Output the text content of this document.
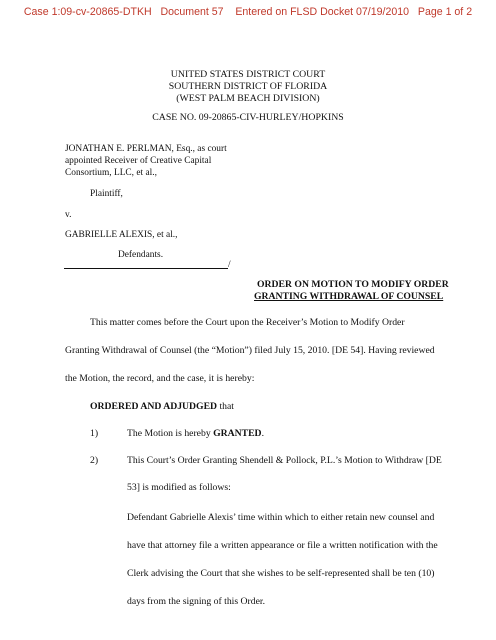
Case 1:09-cv-20865-DTKH Document 57 Entered on FLSD Docket 07/19/2010 Page 1 of 2
UNITED STATES DISTRICT COURT
SOUTHERN DISTRICT OF FLORIDA
(WEST PALM BEACH DIVISION)
CASE NO. 09-20865-CIV-HURLEY/HOPKINS
JONATHAN E. PERLMAN, Esq., as court
appointed Receiver of Creative Capital
Consortium, LLC, et al.,
Plaintiff,
v.
GABRIELLE ALEXIS, et al.,
Defendants.
/
ORDER ON MOTION TO MODIFY ORDER
GRANTING WITHDRAWAL OF COUNSEL
This matter comes before the Court upon the Receiver’s Motion to Modify Order
Granting Withdrawal of Counsel (the “Motion”) filed July 15, 2010. [DE 54]. Having reviewed
the Motion, the record, and the case, it is hereby:
ORDERED AND ADJUDGED that
1)	The Motion is hereby GRANTED.
2)	This Court’s Order Granting Shendell & Pollock, P.L.’s Motion to Withdraw [DE
53] is modified as follows:
Defendant Gabrielle Alexis’ time within which to either retain new counsel and
have that attorney file a written appearance or file a written notification with the
Clerk advising the Court that she wishes to be self-represented shall be ten (10)
days from the signing of this Order.
